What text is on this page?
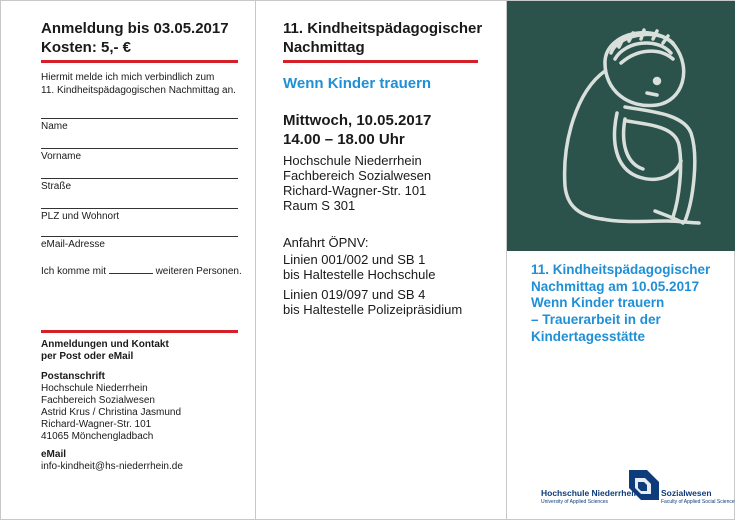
Anmeldung bis 03.05.2017
Kosten: 5,- €
Hiermit melde ich mich verbindlich zum
11. Kindheitspädagogischen Nachmittag an.
Name
Vorname
Straße
PLZ und Wohnort
eMail-Adresse
Ich komme mit	weiteren Personen.
Anmeldungen und Kontakt
per Post oder eMail
Postanschrift
Hochschule Niederrhein
Fachbereich Sozialwesen
Astrid Krus / Christina Jasmund
Richard-Wagner-Str. 101
41065 Mönchengladbach
eMail
info-kindheit@hs-niederrhein.de
11. Kindheitspädagogischer
Nachmittag
Wenn Kinder trauern
Mittwoch, 10.05.2017
14.00 – 18.00 Uhr
Hochschule Niederrhein
Fachbereich Sozialwesen
Richard-Wagner-Str. 101
Raum S 301
Anfahrt ÖPNV:
Linien 001/002 und SB 1
bis Haltestelle Hochschule
Linien 019/097 und SB 4
bis Haltestelle Polizeipräsidium
11. Kindheitspädagogischer
Nachmittag am 10.05.2017
Wenn Kinder trauern
– Trauerarbeit in der
Kindertagesstätte
Hochschule Niederrhein
University of Applied Sciences
Sozialwesen
Faculty of Applied Social Science
